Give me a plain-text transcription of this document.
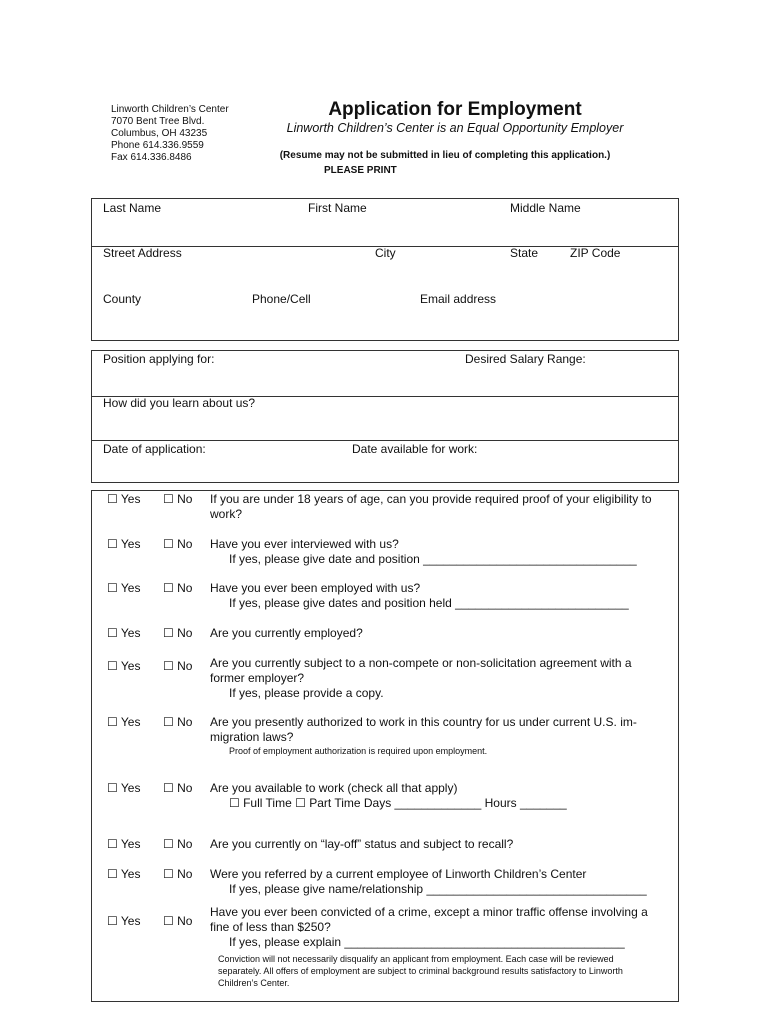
Linworth Children’s Center
7070 Bent Tree Blvd.
Columbus, OH 43235
Phone 614.336.9559
Fax 614.336.8486
Application for Employment
Linworth Children’s Center is an Equal Opportunity Employer
(Resume may not be submitted in lieu of completing this application.)
PLEASE PRINT
Last Name	First Name	Middle Name
Street Address	City	State	ZIP Code
County	Phone/Cell	Email address
Position applying for:	Desired Salary Range:
How did you learn about us?
Date of application:	Date available for work:
☐ Yes ☐ No If you are under 18 years of age, can you provide required proof of your eligibility to work?
☐ Yes ☐ No Have you ever interviewed with us?
If yes, please give date and position ________________________________
☐ Yes ☐ No Have you ever been employed with us?
If yes, please give dates and position held __________________________
☐ Yes ☐ No Are you currently employed?
☐ Yes ☐ No Are you currently subject to a non-compete or non-solicitation agreement with a former employer?
If yes, please provide a copy.
☐ Yes ☐ No Are you presently authorized to work in this country for us under current U.S. im-migration laws?
Proof of employment authorization is required upon employment.
☐ Yes ☐ No Are you available to work (check all that apply)
☐ Full Time ☐ Part Time Days _____________ Hours _______
☐ Yes ☐ No Are you currently on “lay-off” status and subject to recall?
☐ Yes ☐ No Were you referred by a current employee of Linworth Children’s Center
If yes, please give name/relationship _________________________________
☐ Yes ☐ No
Have you ever been convicted of a crime, except a minor traffic offense involving a fine of less than $250?
If yes, please explain __________________________________________
Conviction will not necessarily disqualify an applicant from employment. Each case will be reviewed separately. All offers of employment are subject to criminal background results satisfactory to Linworth Children’s Center.
